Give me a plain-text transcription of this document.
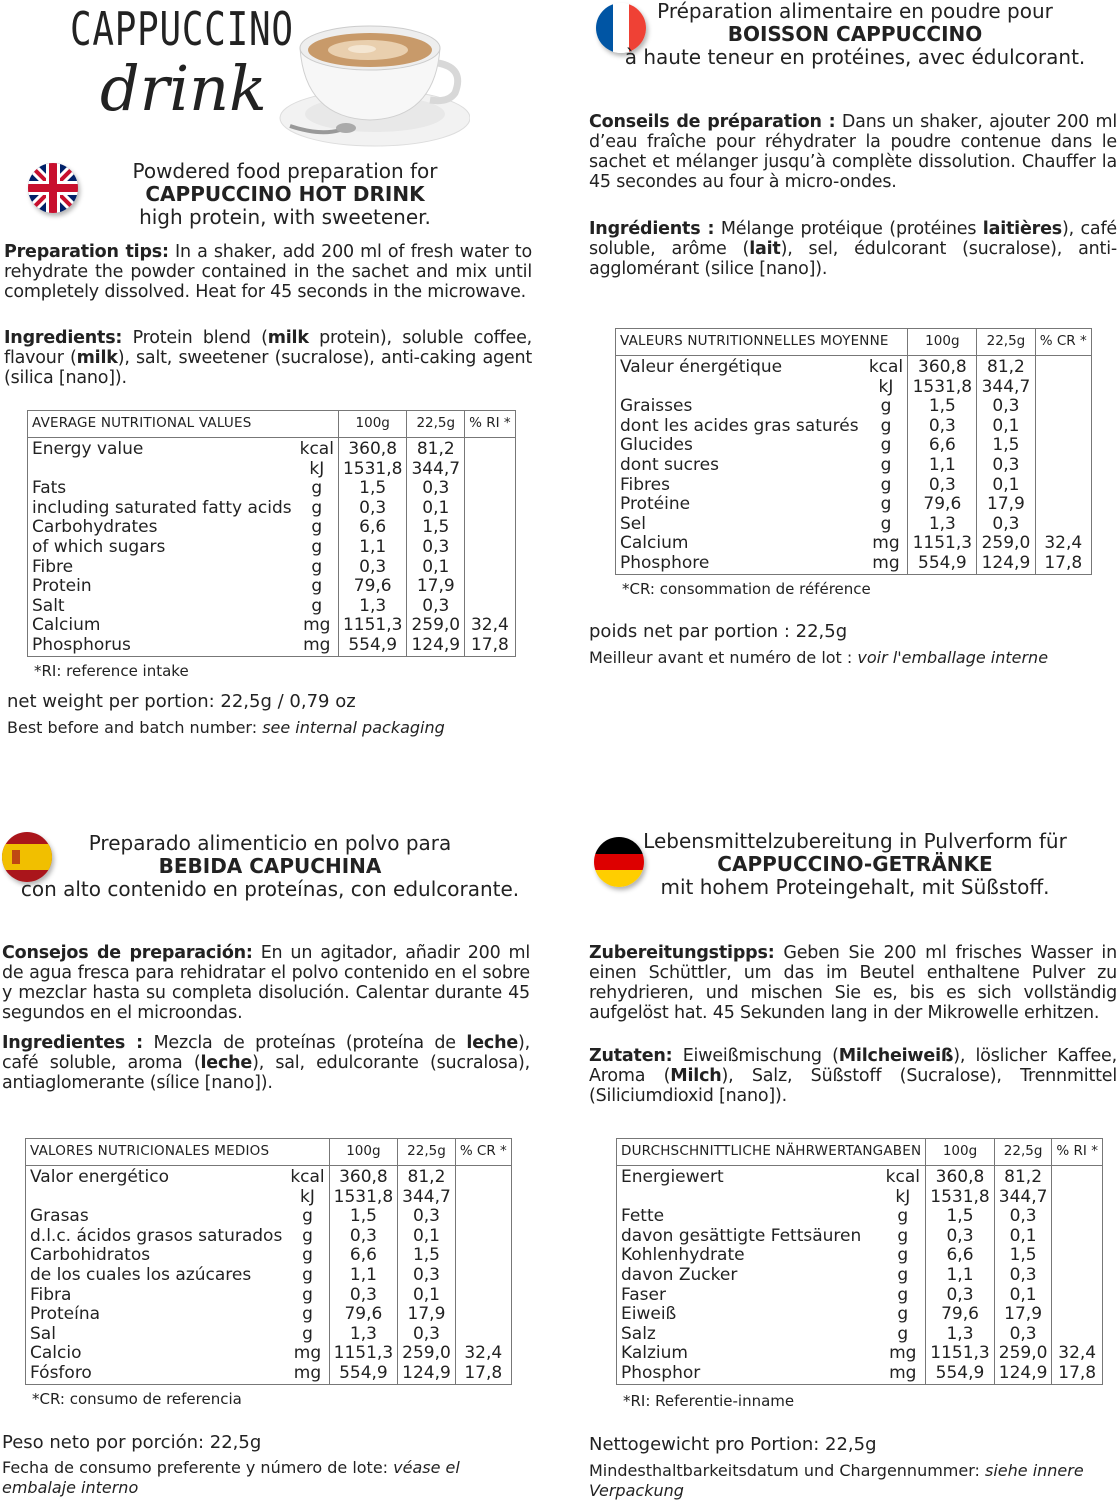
CAPPUCCINO
drink
Powdered food preparation for
CAPPUCCINO HOT DRINK
high protein, with sweetener.
Preparation tips: In a shaker, add 200 ml of fresh water to rehydrate the powder contained in the sachet and mix until completely dissolved. Heat for 45 seconds in the microwave.
Ingredients: Protein blend (milk protein), soluble coffee, flavour (milk), salt, sweetener (sucralose), anti-caking agent (silica [nano]).
AVERAGE NUTRITIONAL VALUES		100g	22,5g	% RI *
Energy value	kcal	360,8	81,2	
	kJ	1531,8	344,7	
Fats	g	1,5	0,3	
including saturated fatty acids	g	0,3	0,1	
Carbohydrates	g	6,6	1,5	
of which sugars	g	1,1	0,3	
Fibre	g	0,3	0,1	
Protein	g	79,6	17,9	
Salt	g	1,3	0,3	
Calcium	mg	1151,3	259,0	32,4
Phosphorus	mg	554,9	124,9	17,8
*RI: reference intake
net weight per portion: 22,5g / 0,79 oz
Best before and batch number: see internal packaging
Préparation alimentaire en poudre pour
BOISSON CAPPUCCINO
à haute teneur en protéines, avec édulcorant.
Conseils de préparation : Dans un shaker, ajouter 200 ml d’eau fraîche pour réhydrater la poudre contenue dans le sachet et mélanger jusqu’à complète dissolution. Chauffer la 45 secondes au four à micro-ondes.
Ingrédients : Mélange protéique (protéines laitières), café soluble, arôme (lait), sel, édulcorant (sucralose), anti-agglomérant (silice [nano]).
VALEURS NUTRITIONNELLES MOYENNE		100g	22,5g	% CR *
Valeur énergétique	kcal	360,8	81,2	
	kJ	1531,8	344,7	
Graisses	g	1,5	0,3	
dont les acides gras saturés	g	0,3	0,1	
Glucides	g	6,6	1,5	
dont sucres	g	1,1	0,3	
Fibres	g	0,3	0,1	
Protéine	g	79,6	17,9	
Sel	g	1,3	0,3	
Calcium	mg	1151,3	259,0	32,4
Phosphore	mg	554,9	124,9	17,8
*CR: consommation de référence
poids net par portion : 22,5g
Meilleur avant et numéro de lot : voir l'emballage interne
Preparado alimenticio en polvo para
BEBIDA CAPUCHINA
con alto contenido en proteínas, con edulcorante.
Consejos de preparación: En un agitador, añadir 200 ml de agua fresca para rehidratar el polvo contenido en el sobre y mezclar hasta su completa disolución. Calentar durante 45 segundos en el microondas.
Ingredientes : Mezcla de proteínas (proteína de leche), café soluble, aroma (leche), sal, edulcorante (sucralosa), antiaglomerante (sílice [nano]).
VALORES NUTRICIONALES MEDIOS		100g	22,5g	% CR *
Valor energético	kcal	360,8	81,2	
	kJ	1531,8	344,7	
Grasas	g	1,5	0,3	
d.l.c. ácidos grasos saturados	g	0,3	0,1	
Carbohidratos	g	6,6	1,5	
de los cuales los azúcares	g	1,1	0,3	
Fibra	g	0,3	0,1	
Proteína	g	79,6	17,9	
Sal	g	1,3	0,3	
Calcio	mg	1151,3	259,0	32,4
Fósforo	mg	554,9	124,9	17,8
*CR: consumo de referencia
Peso neto por porción: 22,5g
Fecha de consumo preferente y número de lote: véase el embalaje interno
Lebensmittelzubereitung in Pulverform für
CAPPUCCINO-GETRÄNKE
mit hohem Proteingehalt, mit Süßstoff.
Zubereitungstipps: Geben Sie 200 ml frisches Wasser in einen Schüttler, um das im Beutel enthaltene Pulver zu rehydrieren, und mischen Sie es, bis es sich vollständig aufgelöst hat. 45 Sekunden lang in der Mikrowelle erhitzen.
Zutaten: Eiweißmischung (Milcheiweiß), löslicher Kaffee, Aroma (Milch), Salz, Süßstoff (Sucralose), Trennmittel (Siliciumdioxid [nano]).
DURCHSCHNITTLICHE NÄHRWERTANGABEN		100g	22,5g	% RI *
Energiewert	kcal	360,8	81,2	
	kJ	1531,8	344,7	
Fette	g	1,5	0,3	
davon gesättigte Fettsäuren	g	0,3	0,1	
Kohlenhydrate	g	6,6	1,5	
davon Zucker	g	1,1	0,3	
Faser	g	0,3	0,1	
Eiweiß	g	79,6	17,9	
Salz	g	1,3	0,3	
Kalzium	mg	1151,3	259,0	32,4
Phosphor	mg	554,9	124,9	17,8
*RI: Referentie-inname
Nettogewicht pro Portion: 22,5g
Mindesthaltbarkeitsdatum und Chargennummer: siehe innere Verpackung
